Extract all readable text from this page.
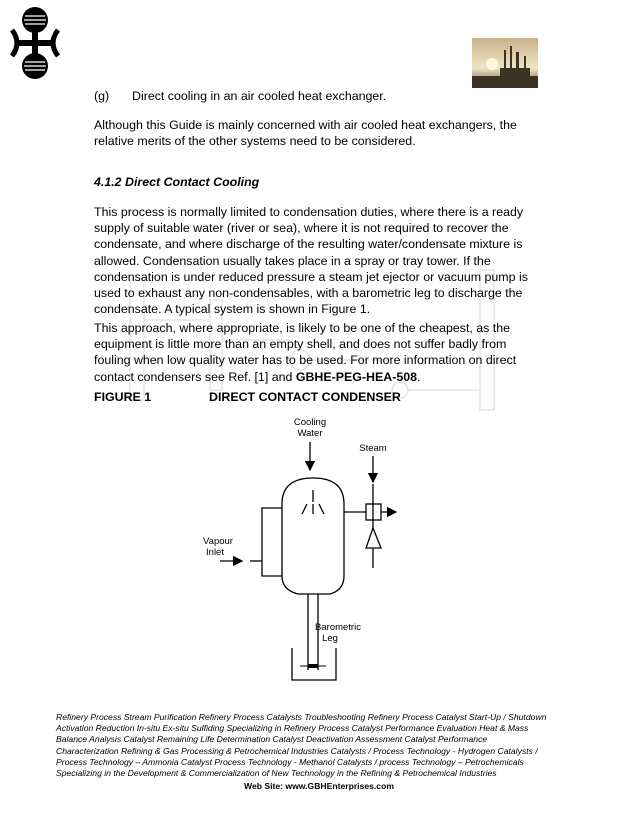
(g) Direct cooling in an air cooled heat exchanger.
Although this Guide is mainly concerned with air cooled heat exchangers, the relative merits of the other systems need to be considered.
4.1.2 Direct Contact Cooling
This process is normally limited to condensation duties, where there is a ready supply of suitable water (river or sea), where it is not required to recover the condensate, and where discharge of the resulting water/condensate mixture is allowed. Condensation usually takes place in a spray or tray tower. If the condensation is under reduced pressure a steam jet ejector or vacuum pump is used to exhaust any non-condensables, with a barometric leg to discharge the condensate. A typical system is shown in Figure 1.
This approach, where appropriate, is likely to be one of the cheapest, as the equipment is little more than an empty shell, and does not suffer badly from fouling when low quality water has to be used. For more information on direct contact condensers see Ref. [1] and GBHE-PEG-HEA-508.
FIGURE 1	DIRECT CONTACT CONDENSER
Cooling
Water
Steam
Vapour
Inlet
Barometric
Leg
Refinery Process Stream Purification Refinery Process Catalysts Troubleshooting Refinery Process Catalyst Start-Up / Shutdown
Activation Reduction In-situ Ex-situ Sulfiding Specializing in Refinery Process Catalyst Performance Evaluation Heat & Mass
Balance Analysis Catalyst Remaining Life Determination Catalyst Deactivation Assessment Catalyst Performance
Characterization Refining & Gas Processing & Petrochemical Industries Catalysts / Process Technology - Hydrogen Catalysts /
Process Technology – Ammonia Catalyst Process Technology - Methanol Catalysts / process Technology – Petrochemicals
Specializing in the Development & Commercialization of New Technology in the Refining & Petrochemical Industries
Web Site: www.GBHEnterprises.com
